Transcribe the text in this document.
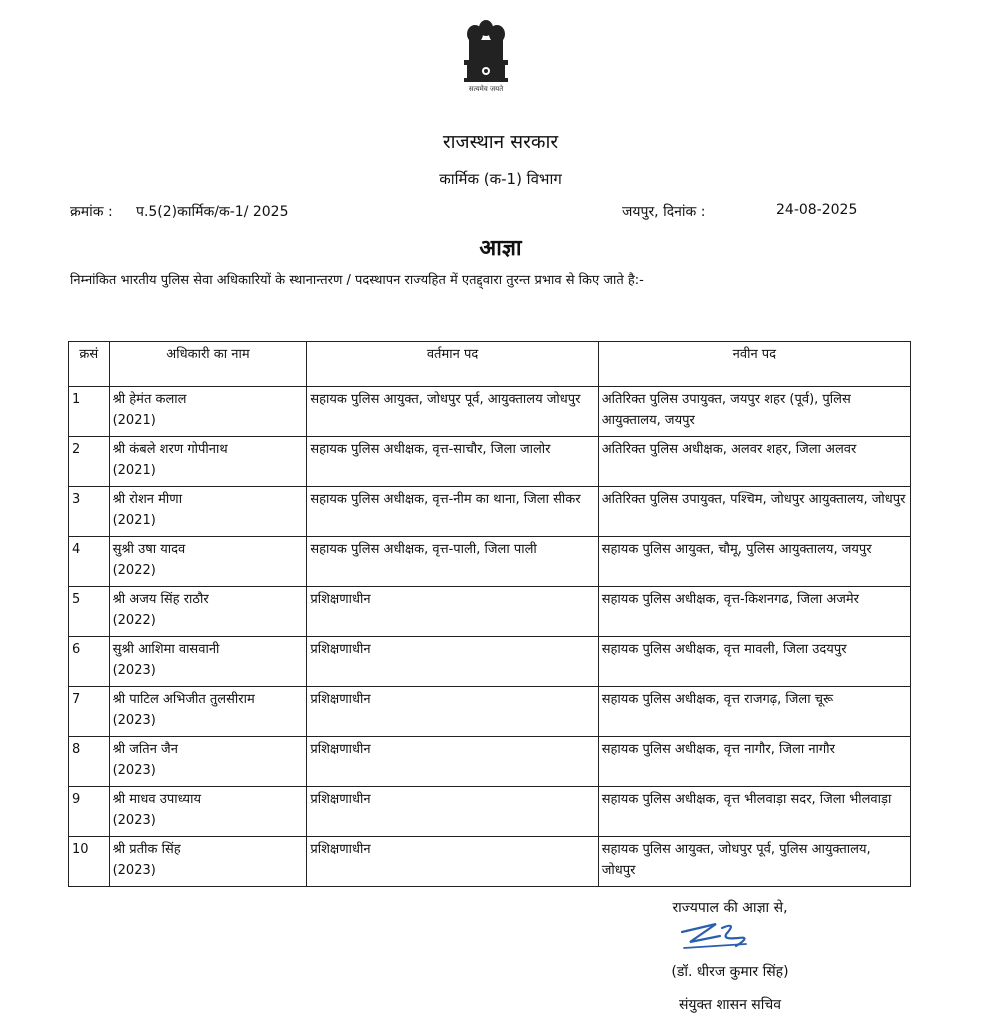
सत्यमेव जयते
राजस्थान सरकार
कार्मिक (क-1) विभाग
क्रमांक : प.5(2)कार्मिक/क-1/ 2025	जयपुर, दिनांक :	24-08-2025
आज्ञा
निम्नांकित भारतीय पुलिस सेवा अधिकारियों के स्थानान्तरण / पदस्थापन राज्यहित में एतद्द्वारा तुरन्त प्रभाव से किए जाते है:-
क्रसं	अधिकारी का नाम	वर्तमान पद	नवीन पद
1	श्री हेमंत कलाल
(2021)	सहायक पुलिस आयुक्त, जोधपुर पूर्व, आयुक्तालय जोधपुर	अतिरिक्त पुलिस उपायुक्त, जयपुर शहर (पूर्व), पुलिस आयुक्तालय, जयपुर
2	श्री कंबले शरण गोपीनाथ
(2021)	सहायक पुलिस अधीक्षक, वृत्त-साचौर, जिला जालोर	अतिरिक्त पुलिस अधीक्षक, अलवर शहर, जिला अलवर
3	श्री रोशन मीणा
(2021)	सहायक पुलिस अधीक्षक, वृत्त-नीम का थाना, जिला सीकर	अतिरिक्त पुलिस उपायुक्त, पश्चिम, जोधपुर आयुक्तालय, जोधपुर
4	सुश्री उषा यादव
(2022)	सहायक पुलिस अधीक्षक, वृत्त-पाली, जिला पाली	सहायक पुलिस आयुक्त, चौमू, पुलिस आयुक्तालय, जयपुर
5	श्री अजय सिंह राठौर
(2022)	प्रशिक्षणाधीन	सहायक पुलिस अधीक्षक, वृत्त-किशनगढ, जिला अजमेर
6	सुश्री आशिमा वासवानी
(2023)	प्रशिक्षणाधीन	सहायक पुलिस अधीक्षक, वृत्त मावली, जिला उदयपुर
7	श्री पाटिल अभिजीत तुलसीराम
(2023)	प्रशिक्षणाधीन	सहायक पुलिस अधीक्षक, वृत्त राजगढ़, जिला चूरू
8	श्री जतिन जैन
(2023)	प्रशिक्षणाधीन	सहायक पुलिस अधीक्षक, वृत्त नागौर, जिला नागौर
9	श्री माधव उपाध्याय
(2023)	प्रशिक्षणाधीन	सहायक पुलिस अधीक्षक, वृत्त भीलवाड़ा सदर, जिला भीलवाड़ा
10	श्री प्रतीक सिंह
(2023)	प्रशिक्षणाधीन	सहायक पुलिस आयुक्त, जोधपुर पूर्व, पुलिस आयुक्तालय, जोधपुर
राज्यपाल की आज्ञा से,
(डॉ. धीरज कुमार सिंह)
संयुक्त शासन सचिव
